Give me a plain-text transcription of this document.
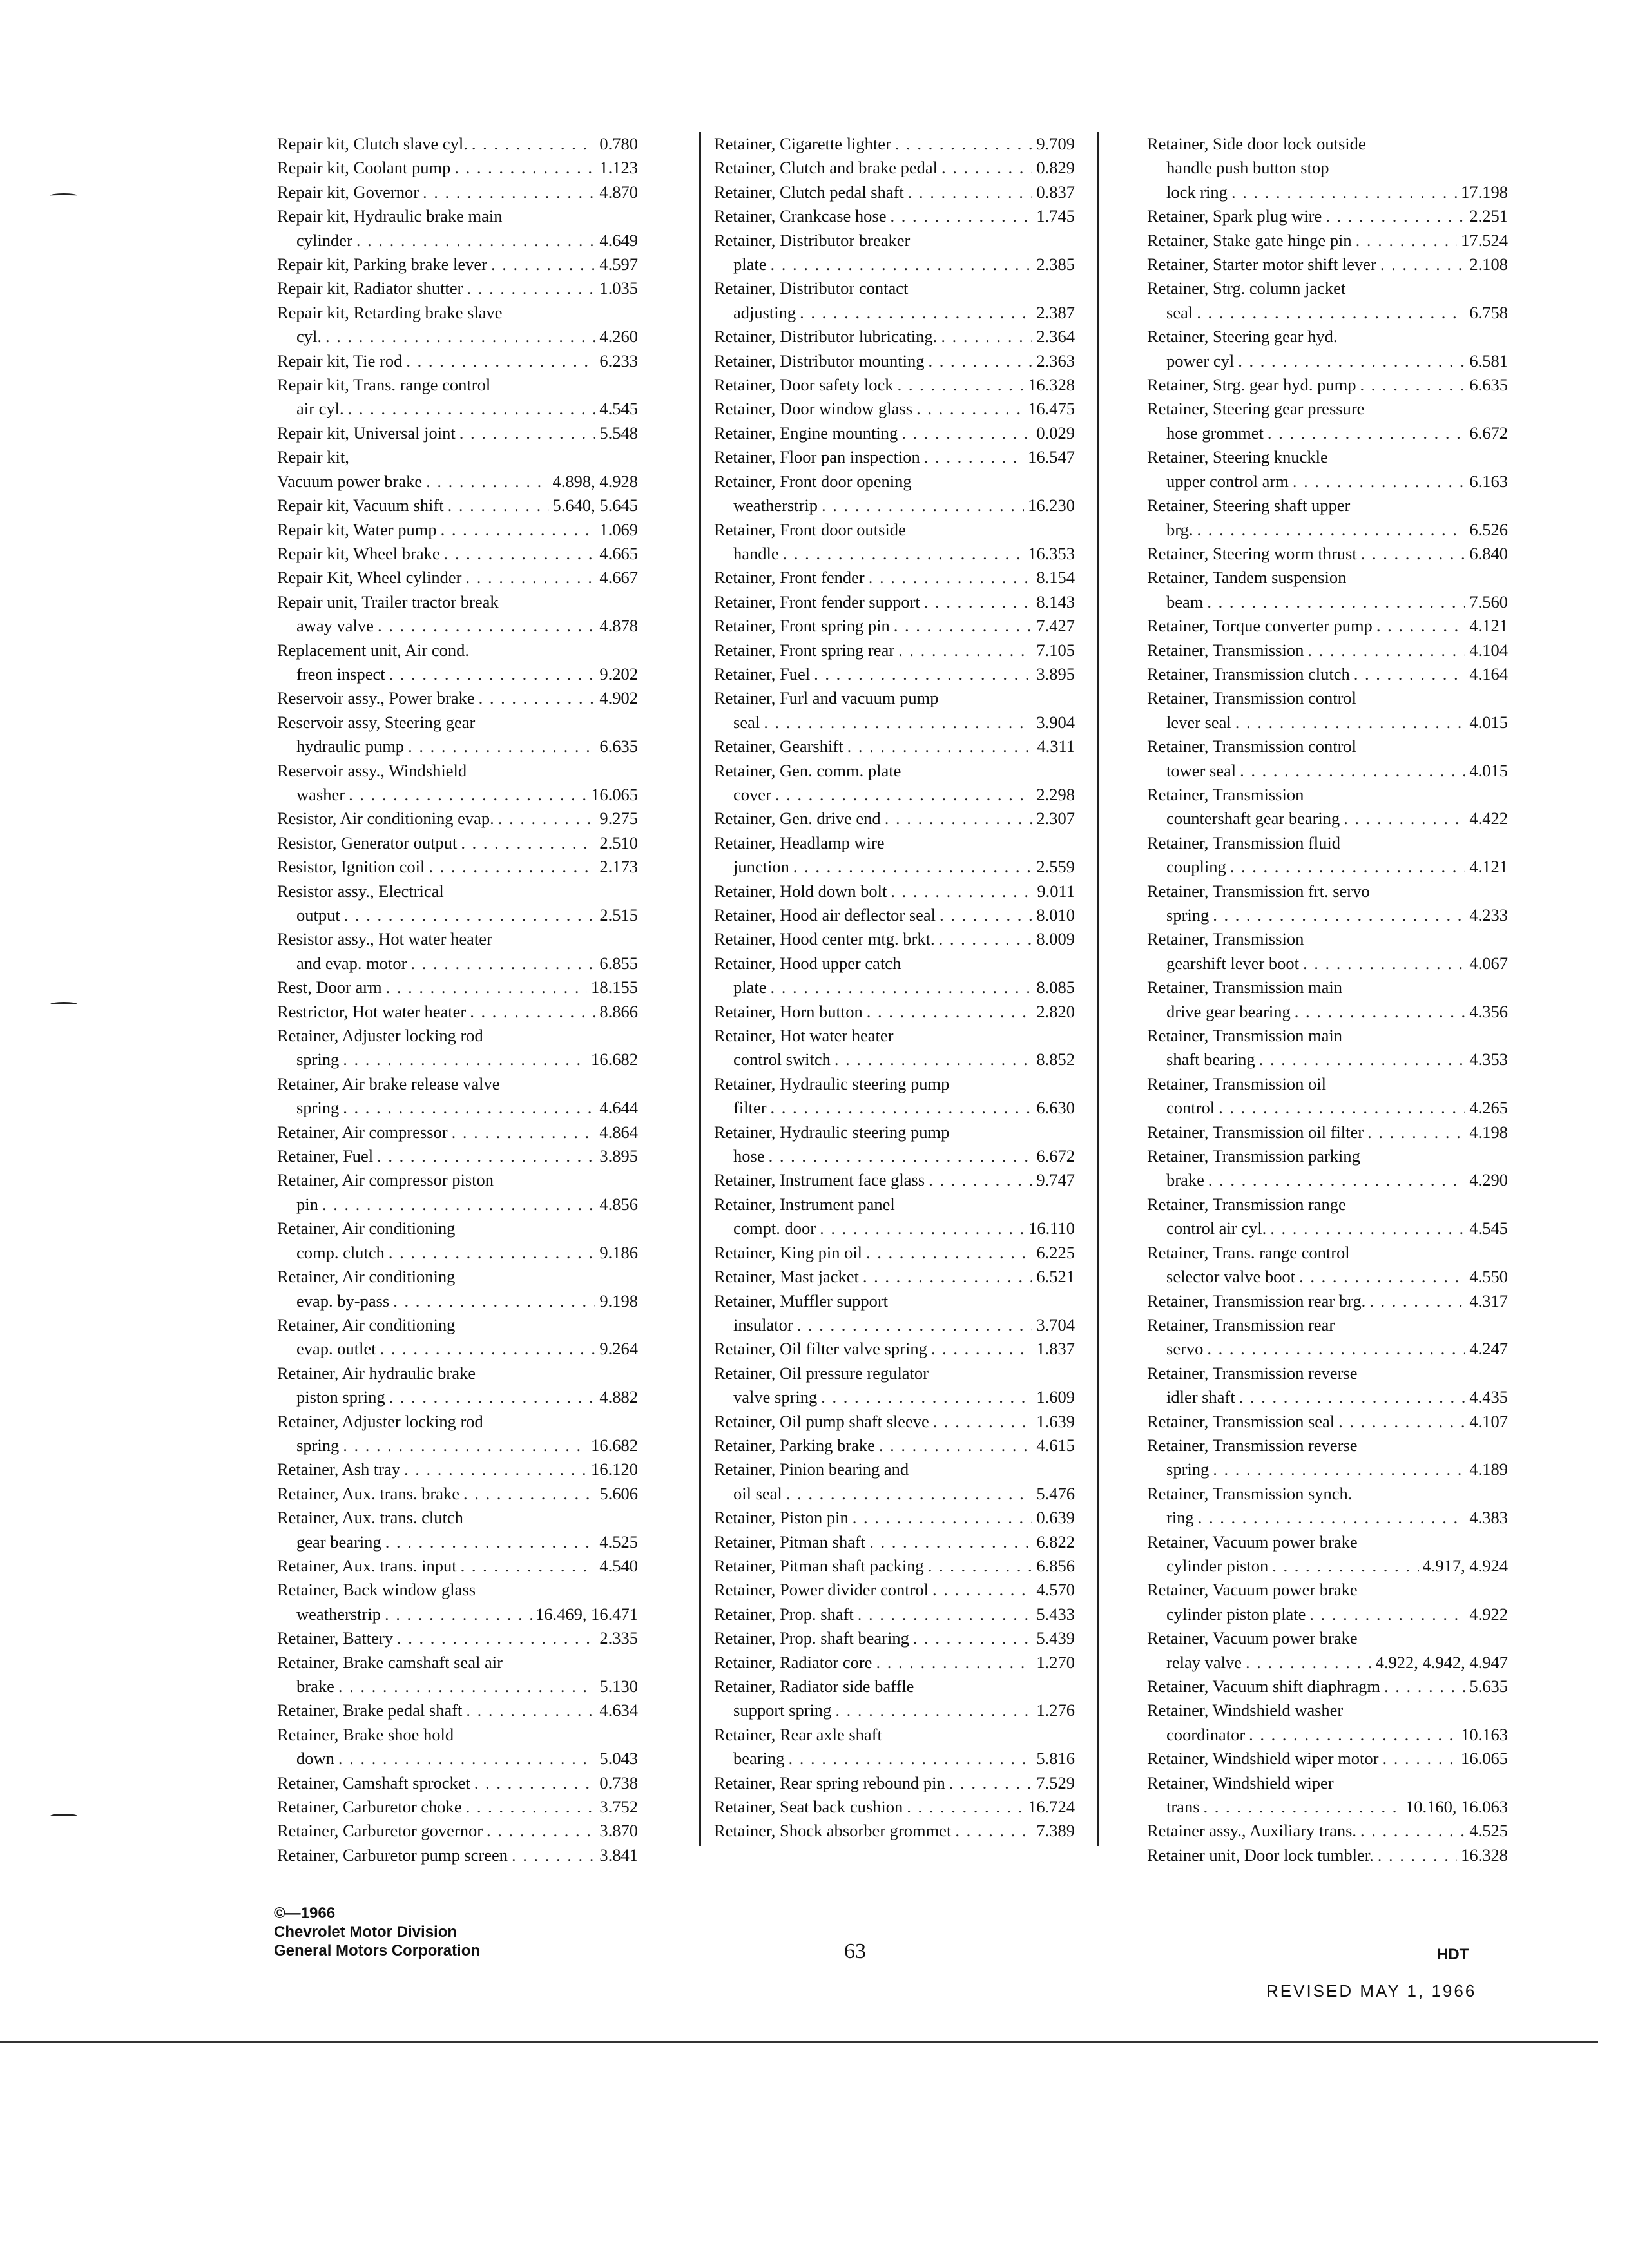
Repair kit, Clutch slave cyl. . . .	0.780
Repair kit, Coolant pump . . .	1.123
Repair kit, Governor . . .	4.870
Repair kit, Hydraulic brake main
cylinder . . .	4.649
Repair kit, Parking brake lever . . .	4.597
Repair kit, Radiator shutter . . .	1.035
Repair kit, Retarding brake slave
cyl. . . .	4.260
Repair kit, Tie rod . . .	6.233
Repair kit, Trans. range control
air cyl. . . .	4.545
Repair kit, Universal joint . . .	5.548
Repair kit,
Vacuum power brake . . .	4.898, 4.928
Repair kit, Vacuum shift . . .	5.640, 5.645
Repair kit, Water pump . . .	1.069
Repair kit, Wheel brake . . .	4.665
Repair Kit, Wheel cylinder . . .	4.667
Repair unit, Trailer tractor break
away valve . . .	4.878
Replacement unit, Air cond.
freon inspect . . .	9.202
Reservoir assy., Power brake . . .	4.902
Reservoir assy, Steering gear
hydraulic pump . . .	6.635
Reservoir assy., Windshield
washer . . .	16.065
Resistor, Air conditioning evap. . . .	9.275
Resistor, Generator output . . .	2.510
Resistor, Ignition coil . . .	2.173
Resistor assy., Electrical
output . . .	2.515
Resistor assy., Hot water heater
and evap. motor . . .	6.855
Rest, Door arm . . .	18.155
Restrictor, Hot water heater . . .	8.866
Retainer, Adjuster locking rod
spring . . .	16.682
Retainer, Air brake release valve
spring . . .	4.644
Retainer, Air compressor . . .	4.864
Retainer, Fuel . . .	3.895
Retainer, Air compressor piston
pin . . .	4.856
Retainer, Air conditioning
comp. clutch . . .	9.186
Retainer, Air conditioning
evap. by-pass . . .	9.198
Retainer, Air conditioning
evap. outlet . . .	9.264
Retainer, Air hydraulic brake
piston spring . . .	4.882
Retainer, Adjuster locking rod
spring . . .	16.682
Retainer, Ash tray . . .	16.120
Retainer, Aux. trans. brake . . .	5.606
Retainer, Aux. trans. clutch
gear bearing . . .	4.525
Retainer, Aux. trans. input . . .	4.540
Retainer, Back window glass
weatherstrip . . .	16.469, 16.471
Retainer, Battery . . .	2.335
Retainer, Brake camshaft seal air
brake . . .	5.130
Retainer, Brake pedal shaft . . .	4.634
Retainer, Brake shoe hold
down . . .	5.043
Retainer, Camshaft sprocket . . .	0.738
Retainer, Carburetor choke . . .	3.752
Retainer, Carburetor governor . . .	3.870
Retainer, Carburetor pump screen . . .	3.841
Retainer, Cigarette lighter . . .	9.709
Retainer, Clutch and brake pedal . . .	0.829
Retainer, Clutch pedal shaft . . .	0.837
Retainer, Crankcase hose . . .	1.745
Retainer, Distributor breaker
plate . . .	2.385
Retainer, Distributor contact
adjusting . . .	2.387
Retainer, Distributor lubricating. . . .	2.364
Retainer, Distributor mounting . . .	2.363
Retainer, Door safety lock . . .	16.328
Retainer, Door window glass . . .	16.475
Retainer, Engine mounting . . .	0.029
Retainer, Floor pan inspection . . .	16.547
Retainer, Front door opening
weatherstrip . . .	16.230
Retainer, Front door outside
handle . . .	16.353
Retainer, Front fender . . .	8.154
Retainer, Front fender support . . .	8.143
Retainer, Front spring pin . . .	7.427
Retainer, Front spring rear . . .	7.105
Retainer, Fuel . . .	3.895
Retainer, Furl and vacuum pump
seal . . .	3.904
Retainer, Gearshift . . .	4.311
Retainer, Gen. comm. plate
cover . . .	2.298
Retainer, Gen. drive end . . .	2.307
Retainer, Headlamp wire
junction . . .	2.559
Retainer, Hold down bolt . . .	9.011
Retainer, Hood air deflector seal . . .	8.010
Retainer, Hood center mtg. brkt. . . .	8.009
Retainer, Hood upper catch
plate . . .	8.085
Retainer, Horn button . . .	2.820
Retainer, Hot water heater
control switch . . .	8.852
Retainer, Hydraulic steering pump
filter . . .	6.630
Retainer, Hydraulic steering pump
hose . . .	6.672
Retainer, Instrument face glass . . .	9.747
Retainer, Instrument panel
compt. door . . .	16.110
Retainer, King pin oil . . .	6.225
Retainer, Mast jacket . . .	6.521
Retainer, Muffler support
insulator . . .	3.704
Retainer, Oil filter valve spring . . .	1.837
Retainer, Oil pressure regulator
valve spring . . .	1.609
Retainer, Oil pump shaft sleeve . . .	1.639
Retainer, Parking brake . . .	4.615
Retainer, Pinion bearing and
oil seal . . .	5.476
Retainer, Piston pin . . .	0.639
Retainer, Pitman shaft . . .	6.822
Retainer, Pitman shaft packing . . .	6.856
Retainer, Power divider control . . .	4.570
Retainer, Prop. shaft . . .	5.433
Retainer, Prop. shaft bearing . . .	5.439
Retainer, Radiator core . . .	1.270
Retainer, Radiator side baffle
support spring . . .	1.276
Retainer, Rear axle shaft
bearing . . .	5.816
Retainer, Rear spring rebound pin . . .	7.529
Retainer, Seat back cushion . . .	16.724
Retainer, Shock absorber grommet . . .	7.389
Retainer, Side door lock outside
handle push button stop
lock ring . . .	17.198
Retainer, Spark plug wire . . .	2.251
Retainer, Stake gate hinge pin . . .	17.524
Retainer, Starter motor shift lever . . .	2.108
Retainer, Strg. column jacket
seal . . .	6.758
Retainer, Steering gear hyd.
power cyl . . .	6.581
Retainer, Strg. gear hyd. pump . . .	6.635
Retainer, Steering gear pressure
hose grommet . . .	6.672
Retainer, Steering knuckle
upper control arm . . .	6.163
Retainer, Steering shaft upper
brg. . . .	6.526
Retainer, Steering worm thrust . . .	6.840
Retainer, Tandem suspension
beam . . .	7.560
Retainer, Torque converter pump . . .	4.121
Retainer, Transmission . . .	4.104
Retainer, Transmission clutch . . .	4.164
Retainer, Transmission control
lever seal . . .	4.015
Retainer, Transmission control
tower seal . . .	4.015
Retainer, Transmission
countershaft gear bearing . . .	4.422
Retainer, Transmission fluid
coupling . . .	4.121
Retainer, Transmission frt. servo
spring . . .	4.233
Retainer, Transmission
gearshift lever boot . . .	4.067
Retainer, Transmission main
drive gear bearing . . .	4.356
Retainer, Transmission main
shaft bearing . . .	4.353
Retainer, Transmission oil
control . . .	4.265
Retainer, Transmission oil filter . . .	4.198
Retainer, Transmission parking
brake . . .	4.290
Retainer, Transmission range
control air cyl. . . .	4.545
Retainer, Trans. range control
selector valve boot . . .	4.550
Retainer, Transmission rear brg. . . .	4.317
Retainer, Transmission rear
servo . . .	4.247
Retainer, Transmission reverse
idler shaft . . .	4.435
Retainer, Transmission seal . . .	4.107
Retainer, Transmission reverse
spring . . .	4.189
Retainer, Transmission synch.
ring . . .	4.383
Retainer, Vacuum power brake
cylinder piston . . .	4.917, 4.924
Retainer, Vacuum power brake
cylinder piston plate . . .	4.922
Retainer, Vacuum power brake
relay valve . . .	4.922, 4.942, 4.947
Retainer, Vacuum shift diaphragm . . .	5.635
Retainer, Windshield washer
coordinator . . .	10.163
Retainer, Windshield wiper motor . . .	16.065
Retainer, Windshield wiper
trans . . .	10.160, 16.063
Retainer assy., Auxiliary trans. . . .	4.525
Retainer unit, Door lock tumbler. . . .	16.328
©—1966
Chevrolet Motor Division
General Motors Corporation	63	HDT
REVISED MAY 1, 1966
